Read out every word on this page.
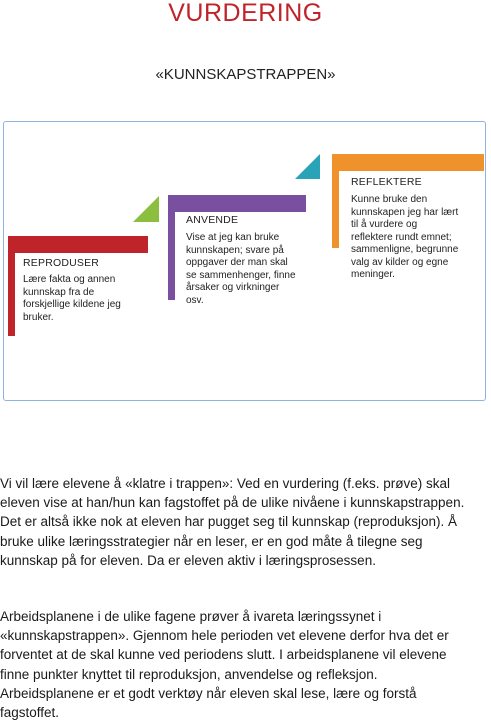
VURDERING
«KUNNSKAPSTRAPPEN»
REPRODUSER
Lære fakta og annen
kunnskap fra de
forskjellige kildene jeg
bruker.
ANVENDE
Vise at jeg kan bruke
kunnskapen; svare på
oppgaver der man skal
se sammenhenger, finne
årsaker og virkninger
osv.
REFLEKTERE
Kunne bruke den
kunnskapen jeg har lært
til å vurdere og
reflektere rundt emnet;
sammenligne, begrunne
valg av kilder og egne
meninger.
Vi vil lære elevene å «klatre i trappen»: Ved en vurdering (f.eks. prøve) skal
eleven vise at han/hun kan fagstoffet på de ulike nivåene i kunnskapstrappen.
Det er altså ikke nok at eleven har pugget seg til kunnskap (reproduksjon). Å
bruke ulike læringsstrategier når en leser, er en god måte å tilegne seg
kunnskap på for eleven. Da er eleven aktiv i læringsprosessen.
Arbeidsplanene i de ulike fagene prøver å ivareta læringssynet i
«kunnskapstrappen». Gjennom hele perioden vet elevene derfor hva det er
forventet at de skal kunne ved periodens slutt. I arbeidsplanene vil elevene
finne punkter knyttet til reproduksjon, anvendelse og refleksjon.
Arbeidsplanene er et godt verktøy når eleven skal lese, lære og forstå
fagstoffet.
